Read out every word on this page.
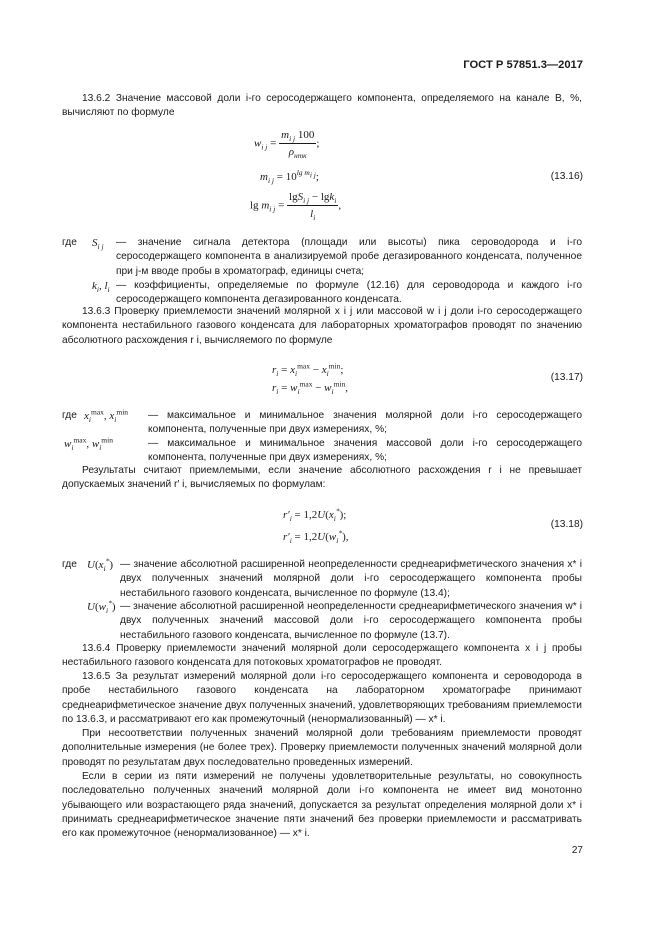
ГОСТ Р 57851.3—2017
13.6.2 Значение массовой доли i-го серосодержащего компонента, определяемого на канале В, %, вычисляют по формуле
$w_{i j} = \frac{m_{i j} 100}{\rho_{нтк}}$ ;
$m_{i j} = 10^{lg m_{i j}}$;
$\lg m_{i j} = \frac{\lg S_{i j} - \lg k_i}{l_i}$ ,
(13.16)
где $S_{i j}$ — значение сигнала детектора (площади или высоты) пика сероводорода и i-го серосодержащего компонента в анализируемой пробе дегазированного конденсата, полученное при j-м вводе пробы в хроматограф, единицы счета;
$k_i$, $l_i$ — коэффициенты, определяемые по формуле (12.16) для сероводорода и каждого i-го серосодержащего компонента дегазированного конденсата.
13.6.3 Проверку приемлемости значений молярной x i j или массовой w i j доли i-го серосодержащего компонента нестабильного газового конденсата для лабораторных хроматографов проводят по значению абсолютного расхождения r i, вычисляемого по формуле
$r_i = x_i^{max} - x_i^{min}$;
$r_i = w_i^{max} - w_i^{min}$,
(13.17)
где $x_i^{max}$, $x_i^{min}$ — максимальное и минимальное значения молярной доли i-го серосодержащего компонента, полученные при двух измерениях, %;
$w_i^{max}$, $w_i^{min}$	— максимальное и минимальное значения массовой доли i-го серосодержащего компонента, полученные при двух измерениях, %;
Результаты считают приемлемыми, если значение абсолютного расхождения r i не превышает допускаемых значений r′ i, вычисляемых по формулам:
$r'_i = 1,2U(x_i^*)$;
$r'_i = 1,2U(w_i^*)$,
(13.18)
где $U(x_i^*)$ — значение абсолютной расширенной неопределенности среднеарифметического значения x* i двух полученных значений молярной доли i-го серосодержащего компонента пробы нестабильного газового конденсата, вычисленное по формуле (13.4);
$U(w_i^*)$ — значение абсолютной расширенной неопределенности среднеарифметического значения w* i двух полученных значений массовой доли i-го серосодержащего компонента пробы нестабильного газового конденсата, вычисленное по формуле (13.7).
13.6.4 Проверку приемлемости значений молярной доли серосодержащего компонента x i j пробы нестабильного газового конденсата для потоковых хроматографов не проводят.
13.6.5 За результат измерений молярной доли i-го серосодержащего компонента и сероводорода в пробе нестабильного газового конденсата на лабораторном хроматографе принимают среднеарифметическое значение двух полученных значений, удовлетворяющих требованиям приемлемости по 13.6.3, и рассматривают его как промежуточный (ненормализованный) — x* i.
При несоответствии полученных значений молярной доли требованиям приемлемости проводят дополнительные измерения (не более трех). Проверку приемлемости полученных значений молярной доли проводят по результатам двух последовательно проведенных измерений.
Если в серии из пяти измерений не получены удовлетворительные результаты, но совокупность последовательно полученных значений молярной доли i-го компонента не имеет вид монотонно убывающего или возрастающего ряда значений, допускается за результат определения молярной доли x* i принимать среднеарифметическое значение пяти значений без проверки приемлемости и рассматривать его как промежуточное (ненормализованное) — x* i.
27
